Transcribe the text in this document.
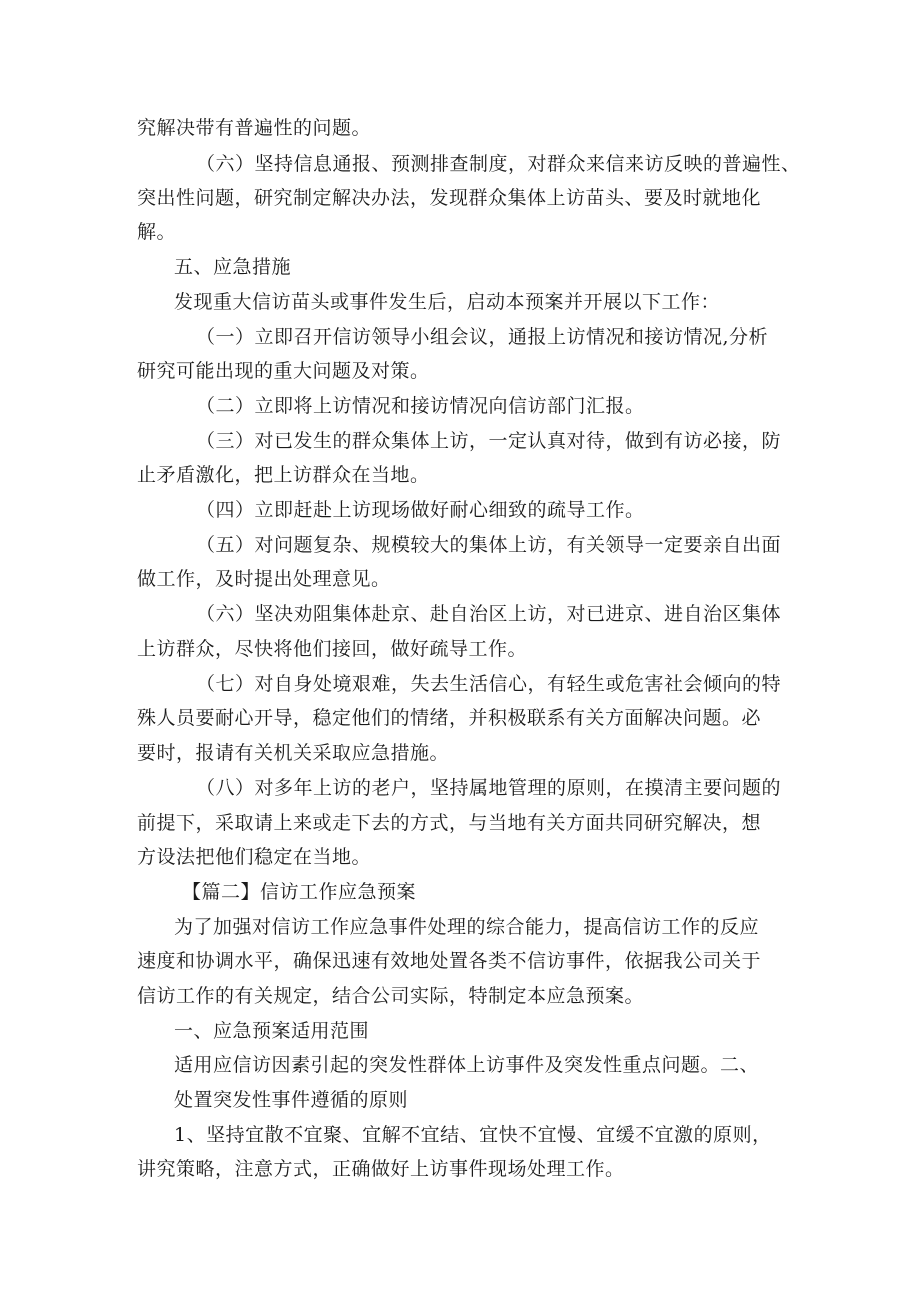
究解决带有普遍性的问题。
（六）坚持信息通报、预测排查制度，对群众来信来访反映的普遍性、
突出性问题，研究制定解决办法，发现群众集体上访苗头、要及时就地化
解。
五、应急措施
发现重大信访苗头或事件发生后，启动本预案并开展以下工作：
（一）立即召开信访领导小组会议，通报上访情况和接访情况,分析
研究可能出现的重大问题及对策。
（二）立即将上访情况和接访情况向信访部门汇报。
（三）对已发生的群众集体上访，一定认真对待，做到有访必接，防
止矛盾激化，把上访群众在当地。
（四）立即赶赴上访现场做好耐心细致的疏导工作。
（五）对问题复杂、规模较大的集体上访，有关领导一定要亲自出面
做工作，及时提出处理意见。
（六）坚决劝阻集体赴京、赴自治区上访，对已进京、进自治区集体
上访群众，尽快将他们接回，做好疏导工作。
（七）对自身处境艰难，失去生活信心，有轻生或危害社会倾向的特
殊人员要耐心开导，稳定他们的情绪，并积极联系有关方面解决问题。必
要时，报请有关机关采取应急措施。
（八）对多年上访的老户，坚持属地管理的原则，在摸清主要问题的
前提下，采取请上来或走下去的方式，与当地有关方面共同研究解决，想
方设法把他们稳定在当地。
【篇二】信访工作应急预案
为了加强对信访工作应急事件处理的综合能力，提高信访工作的反应
速度和协调水平，确保迅速有效地处置各类不信访事件，依据我公司关于
信访工作的有关规定，结合公司实际，特制定本应急预案。
一、应急预案适用范围
适用应信访因素引起的突发性群体上访事件及突发性重点问题。二、
处置突发性事件遵循的原则
1、坚持宜散不宜聚、宜解不宜结、宜快不宜慢、宜缓不宜激的原则，
讲究策略，注意方式，正确做好上访事件现场处理工作。
